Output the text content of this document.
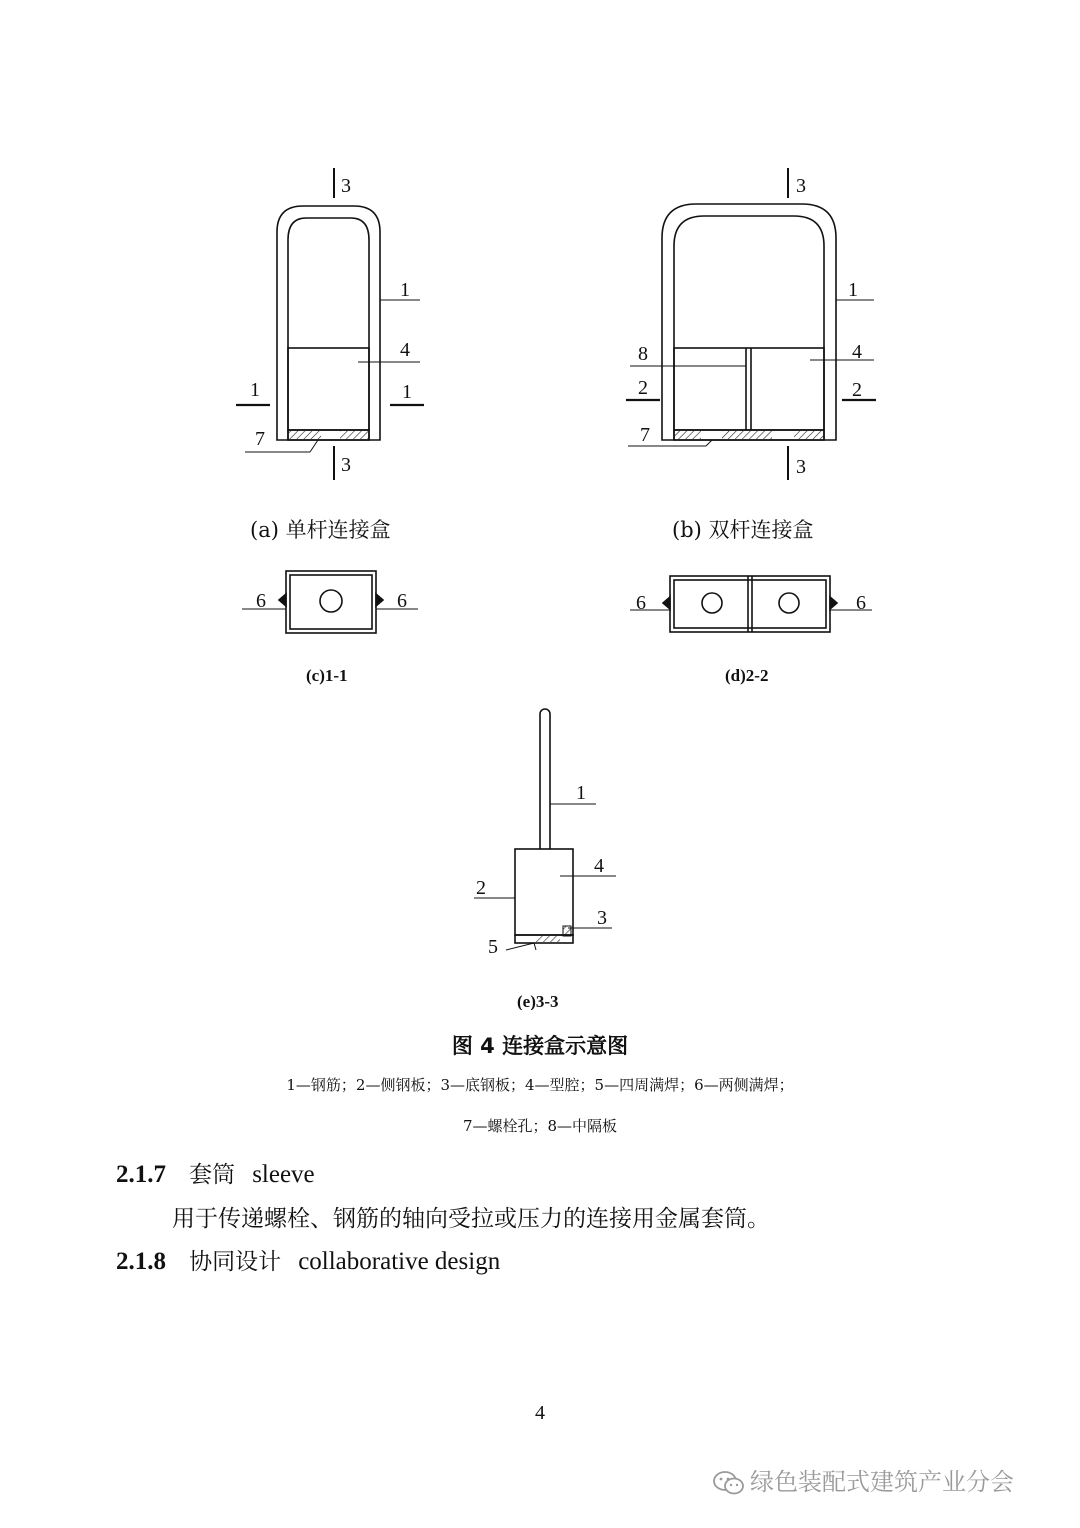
3
1
4
1	1
7
3
(a) 单杆连接盒
3
1
8	4
2	2
7
3
(b) 双杆连接盒
6	6
(c)1-1
6	6
(d)2-2
1
4
2
3
5
(e)3-3
图 4 连接盒示意图
1—钢筋；2—侧钢板；3—底钢板；4—型腔；5—四周满焊；6—两侧满焊；
7—螺栓孔；8—中隔板
2.1.7 套筒 sleeve
用于传递螺栓、钢筋的轴向受拉或压力的连接用金属套筒。
2.1.8 协同设计 collaborative design
4
绿色装配式建筑产业分会
